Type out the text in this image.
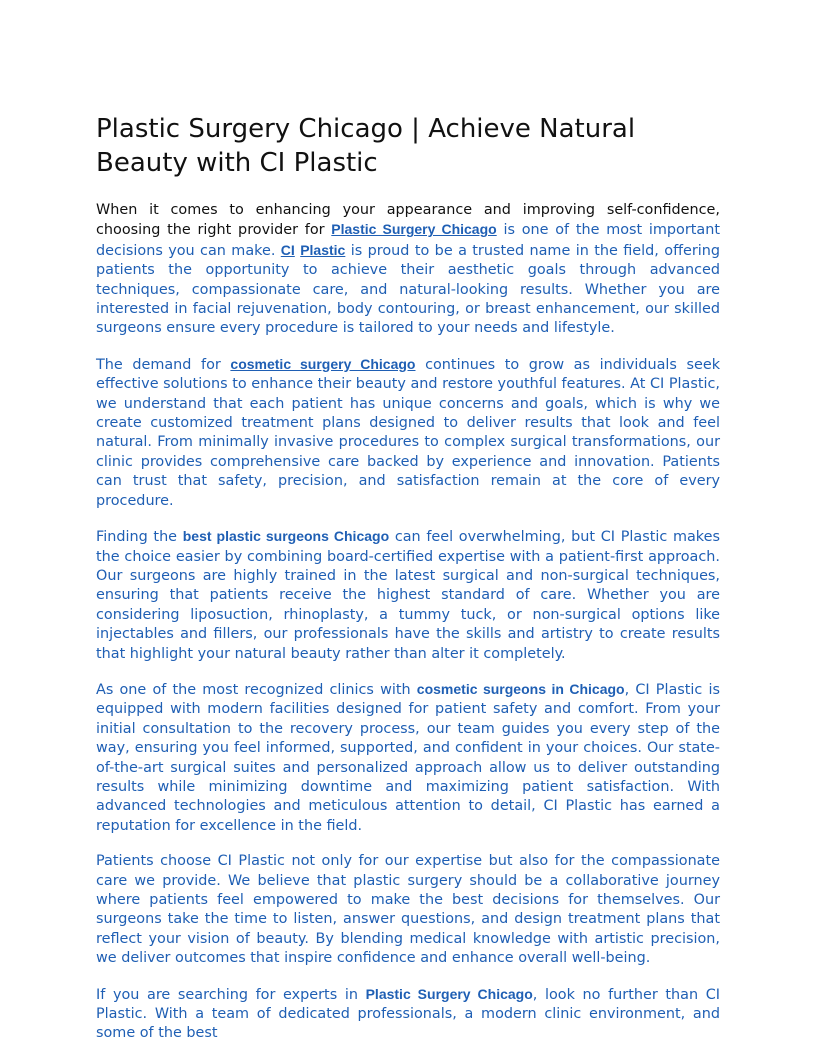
Plastic Surgery Chicago | Achieve Natural Beauty with CI Plastic

When it comes to enhancing your appearance and improving self-confidence, choosing the right provider for Plastic Surgery Chicago is one of the most important decisions you can make. CI Plastic is proud to be a trusted name in the field, offering patients the opportunity to achieve their aesthetic goals through advanced techniques, compassionate care, and natural-looking results. Whether you are interested in facial rejuvenation, body contouring, or breast enhancement, our skilled surgeons ensure every procedure is tailored to your needs and lifestyle.

The demand for cosmetic surgery Chicago continues to grow as individuals seek effective solutions to enhance their beauty and restore youthful features. At CI Plastic, we understand that each patient has unique concerns and goals, which is why we create customized treatment plans designed to deliver results that look and feel natural. From minimally invasive procedures to complex surgical transformations, our clinic provides comprehensive care backed by experience and innovation. Patients can trust that safety, precision, and satisfaction remain at the core of every procedure.

Finding the best plastic surgeons Chicago can feel overwhelming, but CI Plastic makes the choice easier by combining board-certified expertise with a patient-first approach. Our surgeons are highly trained in the latest surgical and non-surgical techniques, ensuring that patients receive the highest standard of care. Whether you are considering liposuction, rhinoplasty, a tummy tuck, or non-surgical options like injectables and fillers, our professionals have the skills and artistry to create results that highlight your natural beauty rather than alter it completely.

As one of the most recognized clinics with cosmetic surgeons in Chicago, CI Plastic is equipped with modern facilities designed for patient safety and comfort. From your initial consultation to the recovery process, our team guides you every step of the way, ensuring you feel informed, supported, and confident in your choices. Our state-of-the-art surgical suites and personalized approach allow us to deliver outstanding results while minimizing downtime and maximizing patient satisfaction. With advanced technologies and meticulous attention to detail, CI Plastic has earned a reputation for excellence in the field.

Patients choose CI Plastic not only for our expertise but also for the compassionate care we provide. We believe that plastic surgery should be a collaborative journey where patients feel empowered to make the best decisions for themselves. Our surgeons take the time to listen, answer questions, and design treatment plans that reflect your vision of beauty. By blending medical knowledge with artistic precision, we deliver outcomes that inspire confidence and enhance overall well-being.

If you are searching for experts in Plastic Surgery Chicago, look no further than CI Plastic. With a team of dedicated professionals, a modern clinic environment, and some of the best
